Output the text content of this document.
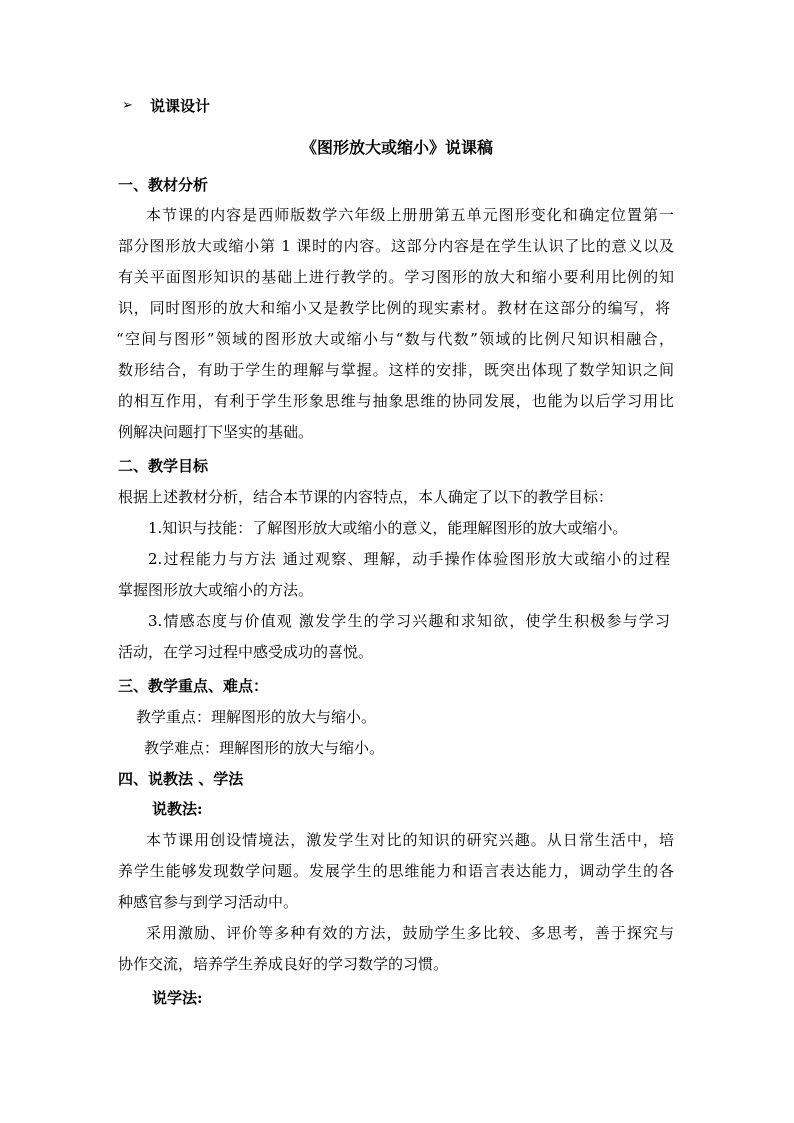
➢ 说课设计
《图形放大或缩小》说课稿
一、教材分析
本节课的内容是西师版数学六年级上册册第五单元图形变化和确定位置第一
部分图形放大或缩小第 1 课时的内容。这部分内容是在学生认识了比的意义以及
有关平面图形知识的基础上进行教学的。学习图形的放大和缩小要利用比例的知
识，同时图形的放大和缩小又是教学比例的现实素材。教材在这部分的编写，将
“空间与图形”领域的图形放大或缩小与“数与代数”领域的比例尺知识相融合，
数形结合，有助于学生的理解与掌握。这样的安排，既突出体现了数学知识之间
的相互作用，有利于学生形象思维与抽象思维的协同发展，也能为以后学习用比
例解决问题打下坚实的基础。
二、教学目标
根据上述教材分析，结合本节课的内容特点，本人确定了以下的教学目标：
1.知识与技能：了解图形放大或缩小的意义，能理解图形的放大或缩小。
2.过程能力与方法 通过观察、理解，动手操作体验图形放大或缩小的过程
掌握图形放大或缩小的方法。
3.情感态度与价值观 激发学生的学习兴趣和求知欲，使学生积极参与学习
活动，在学习过程中感受成功的喜悦。
三、教学重点、难点：
教学重点：理解图形的放大与缩小。
教学难点：理解图形的放大与缩小。
四、说教法 、学法
说教法:
本节课用创设情境法，激发学生对比的知识的研究兴趣。从日常生活中，培
养学生能够发现数学问题。发展学生的思维能力和语言表达能力，调动学生的各
种感官参与到学习活动中。
采用激励、评价等多种有效的方法，鼓励学生多比较、多思考，善于探究与
协作交流，培养学生养成良好的学习数学的习惯。
说学法:
